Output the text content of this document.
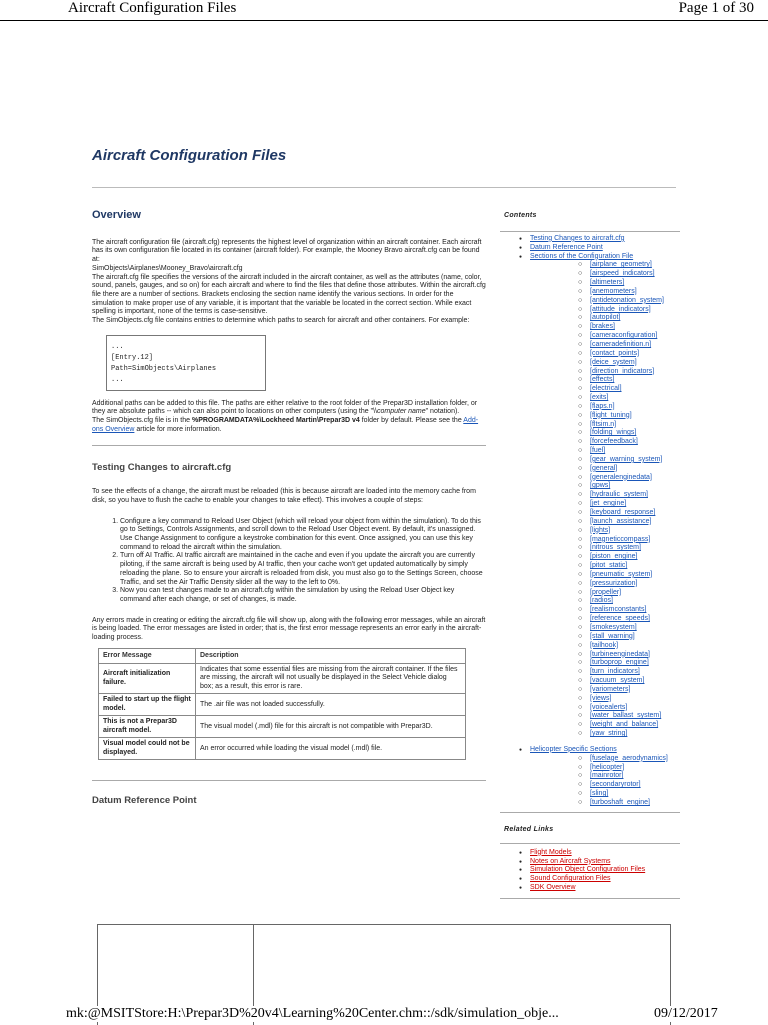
Aircraft Configuration Files	Page 1 of 30
Aircraft Configuration Files
Overview

The aircraft configuration file (aircraft.cfg) represents the highest level of organization within an aircraft container. Each aircraft has its own configuration file located in its container (aircraft folder). For example, the Mooney Bravo aircraft.cfg can be found at:

SimObjects\Airplanes\Mooney_Bravo\aircraft.cfg

The aircraft.cfg file specifies the versions of the aircraft included in the aircraft container, as well as the attributes (name, color, sound, panels, gauges, and so on) for each aircraft and where to find the files that define those attributes. Within the aircraft.cfg file there are a number of sections. Brackets enclosing the section name identify the various sections. In order for the simulation to make proper use of any variable, it is important that the variable be located in the correct section. While exact spelling is important, none of the terms is case-sensitive.

The SimObjects.cfg file contains entries to determine which paths to search for aircraft and other containers. For example:

...
[Entry.12]
Path=SimObjects\Airplanes
...

Additional paths can be added to this file. The paths are either relative to the root folder of the Prepar3D installation folder, or they are absolute paths -- which can also point to locations on other computers (using the "\\computer name" notation).

The SimObjects.cfg file is in the %PROGRAMDATA%\Lockheed Martin\Prepar3D v4 folder by default. Please see the Add-ons Overview article for more information.

Testing Changes to aircraft.cfg

To see the effects of a change, the aircraft must be reloaded (this is because aircraft are loaded into the memory cache from disk, so you have to flush the cache to enable your changes to take effect). This involves a couple of steps:

1. Configure a key command to Reload User Object (which will reload your object from within the simulation). To do this go to Settings, Controls Assignments, and scroll down to the Reload User Object event. By default, it's unassigned. Use Change Assignment to configure a keystroke combination for this event. Once assigned, you can use this key command to reload the aircraft within the simulation.
2. Turn off AI Traffic. AI traffic aircraft are maintained in the cache and even if you update the aircraft you are currently piloting, if the same aircraft is being used by AI traffic, then your cache won't get updated automatically by simply reloading the plane. So to ensure your aircraft is reloaded from disk, you must also go to the Settings Screen, choose Traffic, and set the Air Traffic Density slider all the way to the left to 0%.
3. Now you can test changes made to an aircraft.cfg within the simulation by using the Reload User Object key command after each change, or set of changes, is made.

Any errors made in creating or editing the aircraft.cfg file will show up, along with the following error messages, while an aircraft is being loaded. The error messages are listed in order; that is, the first error message represents an error early in the aircraft-loading process.

Error Message	Description
Aircraft initialization failure.	Indicates that some essential files are missing from the aircraft container. If the files are missing, the aircraft will not usually be displayed in the Select Vehicle dialog box; as a result, this error is rare.
Failed to start up the flight model.	The .air file was not loaded successfully.
This is not a Prepar3D aircraft model.	The visual model (.mdl) file for this aircraft is not compatible with Prepar3D.
Visual model could not be displayed.	An error occurred while loading the visual model (.mdl) file.
Datum Reference Point
Contents
● Testing Changes to aircraft.cfg
● Datum Reference Point
● Sections of the Configuration File
○ [airplane_geometry]
○ [airspeed_indicators]
○ [altimeters]
○ [anemometers]
○ [antidetonation_system]
○ [attitude_indicators]
○ [autopilot]
○ [brakes]
○ [cameraconfiguration]
○ [cameradefinition.n]
○ [contact_points]
○ [deice_system]
○ [direction_indicators]
○ [effects]
○ [electrical]
○ [exits]
○ [flaps.n]
○ [flight_tuning]
○ [fltsim.n]
○ [folding_wings]
○ [forcefeedback]
○ [fuel]
○ [gear_warning_system]
○ [general]
○ [generalenginedata]
○ [gpws]
○ [hydraulic_system]
○ [jet_engine]
○ [keyboard_response]
○ [launch_assistance]
○ [lights]
○ [magneticcompass]
○ [nitrous_system]
○ [piston_engine]
○ [pitot_static]
○ [pneumatic_system]
○ [pressurization]
○ [propeller]
○ [radios]
○ [realismconstants]
○ [reference_speeds]
○ [smokesystem]
○ [stall_warning]
○ [tailhook]
○ [turbineenginedata]
○ [turboprop_engine]
○ [turn_indicators]
○ [vacuum_system]
○ [variometers]
○ [views]
○ [voicealerts]
○ [water_ballast_system]
○ [weight_and_balance]
○ [yaw_string]
● Helicopter Specific Sections
○ [fuselage_aerodynamics]
○ [helicopter]
○ [mainrotor]
○ [secondaryrotor]
○ [sling]
○ [turboshaft_engine]
Related Links
● Flight Models
● Notes on Aircraft Systems
● Simulation Object Configuration Files
● Sound Configuration Files
● SDK Overview
mk:@MSITStore:H:\Prepar3D%20v4\Learning%20Center.chm::/sdk/simulation_obje...	09/12/2017
